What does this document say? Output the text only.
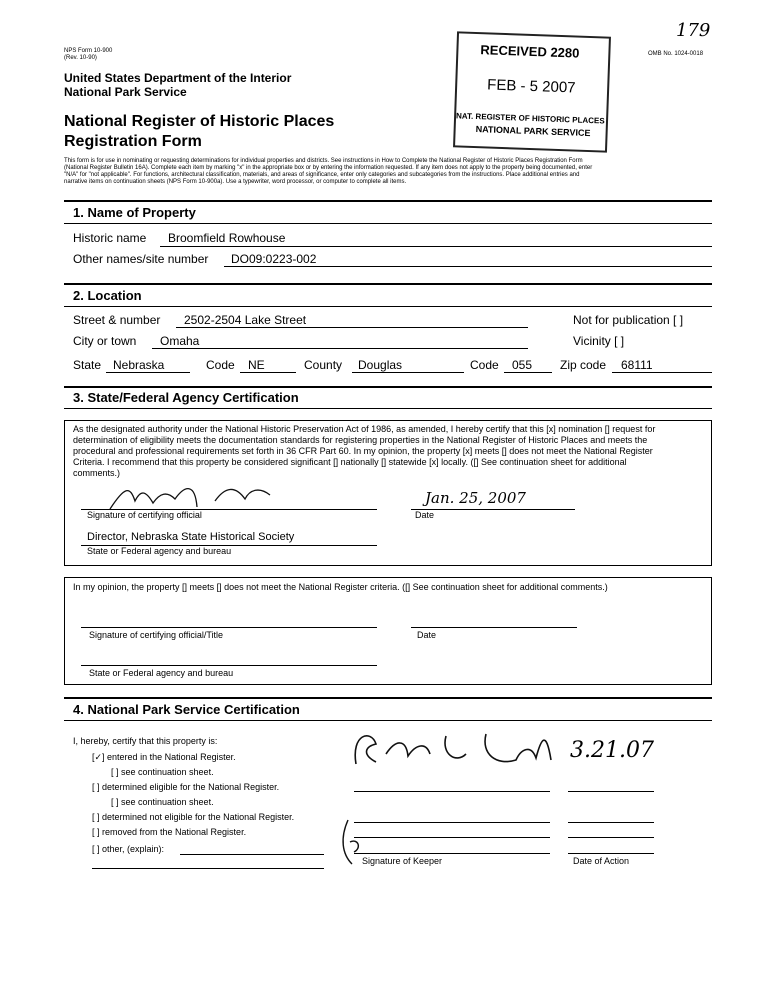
NPS Form 10-900
(Rev. 10-90)
OMB No. 1024-0018
179
United States Department of the Interior
National Park Service
National Register of Historic Places
Registration Form
This form is for use in nominating or requesting determinations for individual properties and districts. See instructions in How to Complete the National Register of Historic Places Registration Form
(National Register Bulletin 16A). Complete each item by marking "x" in the appropriate box or by entering the information requested. If any item does not apply to the property being documented, enter
"N/A" for "not applicable". For functions, architectural classification, materials, and areas of significance, enter only categories and subcategories from the instructions. Place additional entries and
narrative items on continuation sheets (NPS Form 10-900a). Use a typewriter, word processor, or computer to complete all items.
RECEIVED 2280
FEB - 5 2007
NAT. REGISTER OF HISTORIC PLACES
NATIONAL PARK SERVICE
1. Name of Property
Historic name Broomfield Rowhouse
Other names/site number DO09:0223-002
2. Location
Street & number 2502-2504 Lake Street	Not for publication [ ]
City or town Omaha	Vicinity [ ]
State Nebraska	Code NE	County Douglas	Code 055 Zip code 68111
3. State/Federal Agency Certification

As the designated authority under the National Historic Preservation Act of 1986, as amended, I hereby certify that this [x] nomination [] request for

determination of eligibility meets the documentation standards for registering properties in the National Register of Historic Places and meets the

procedural and professional requirements set forth in 36 CFR Part 60. In my opinion, the property [x] meets [] does not meet the National Register

Criteria. I recommend that this property be considered significant [] nationally [] statewide [x] locally. ([] See continuation sheet for additional

comments.)

Signature of certifying official
Jan. 25, 2007
Date
Director, Nebraska State Historical Society
State or Federal agency and bureau
In my opinion, the property [] meets [] does not meet the National Register criteria. ([] See continuation sheet for additional comments.)
Signature of certifying official/Title	Date
State or Federal agency and bureau
4. National Park Service Certification
I, hereby, certify that this property is:
[✓] entered in the National Register.
[ ] see continuation sheet.
[ ] determined eligible for the National Register.
[ ] see continuation sheet.
[ ] determined not eligible for the National Register.
[ ] removed from the National Register.
[ ] other, (explain):
3.21.07
Signature of Keeper	Date of Action
